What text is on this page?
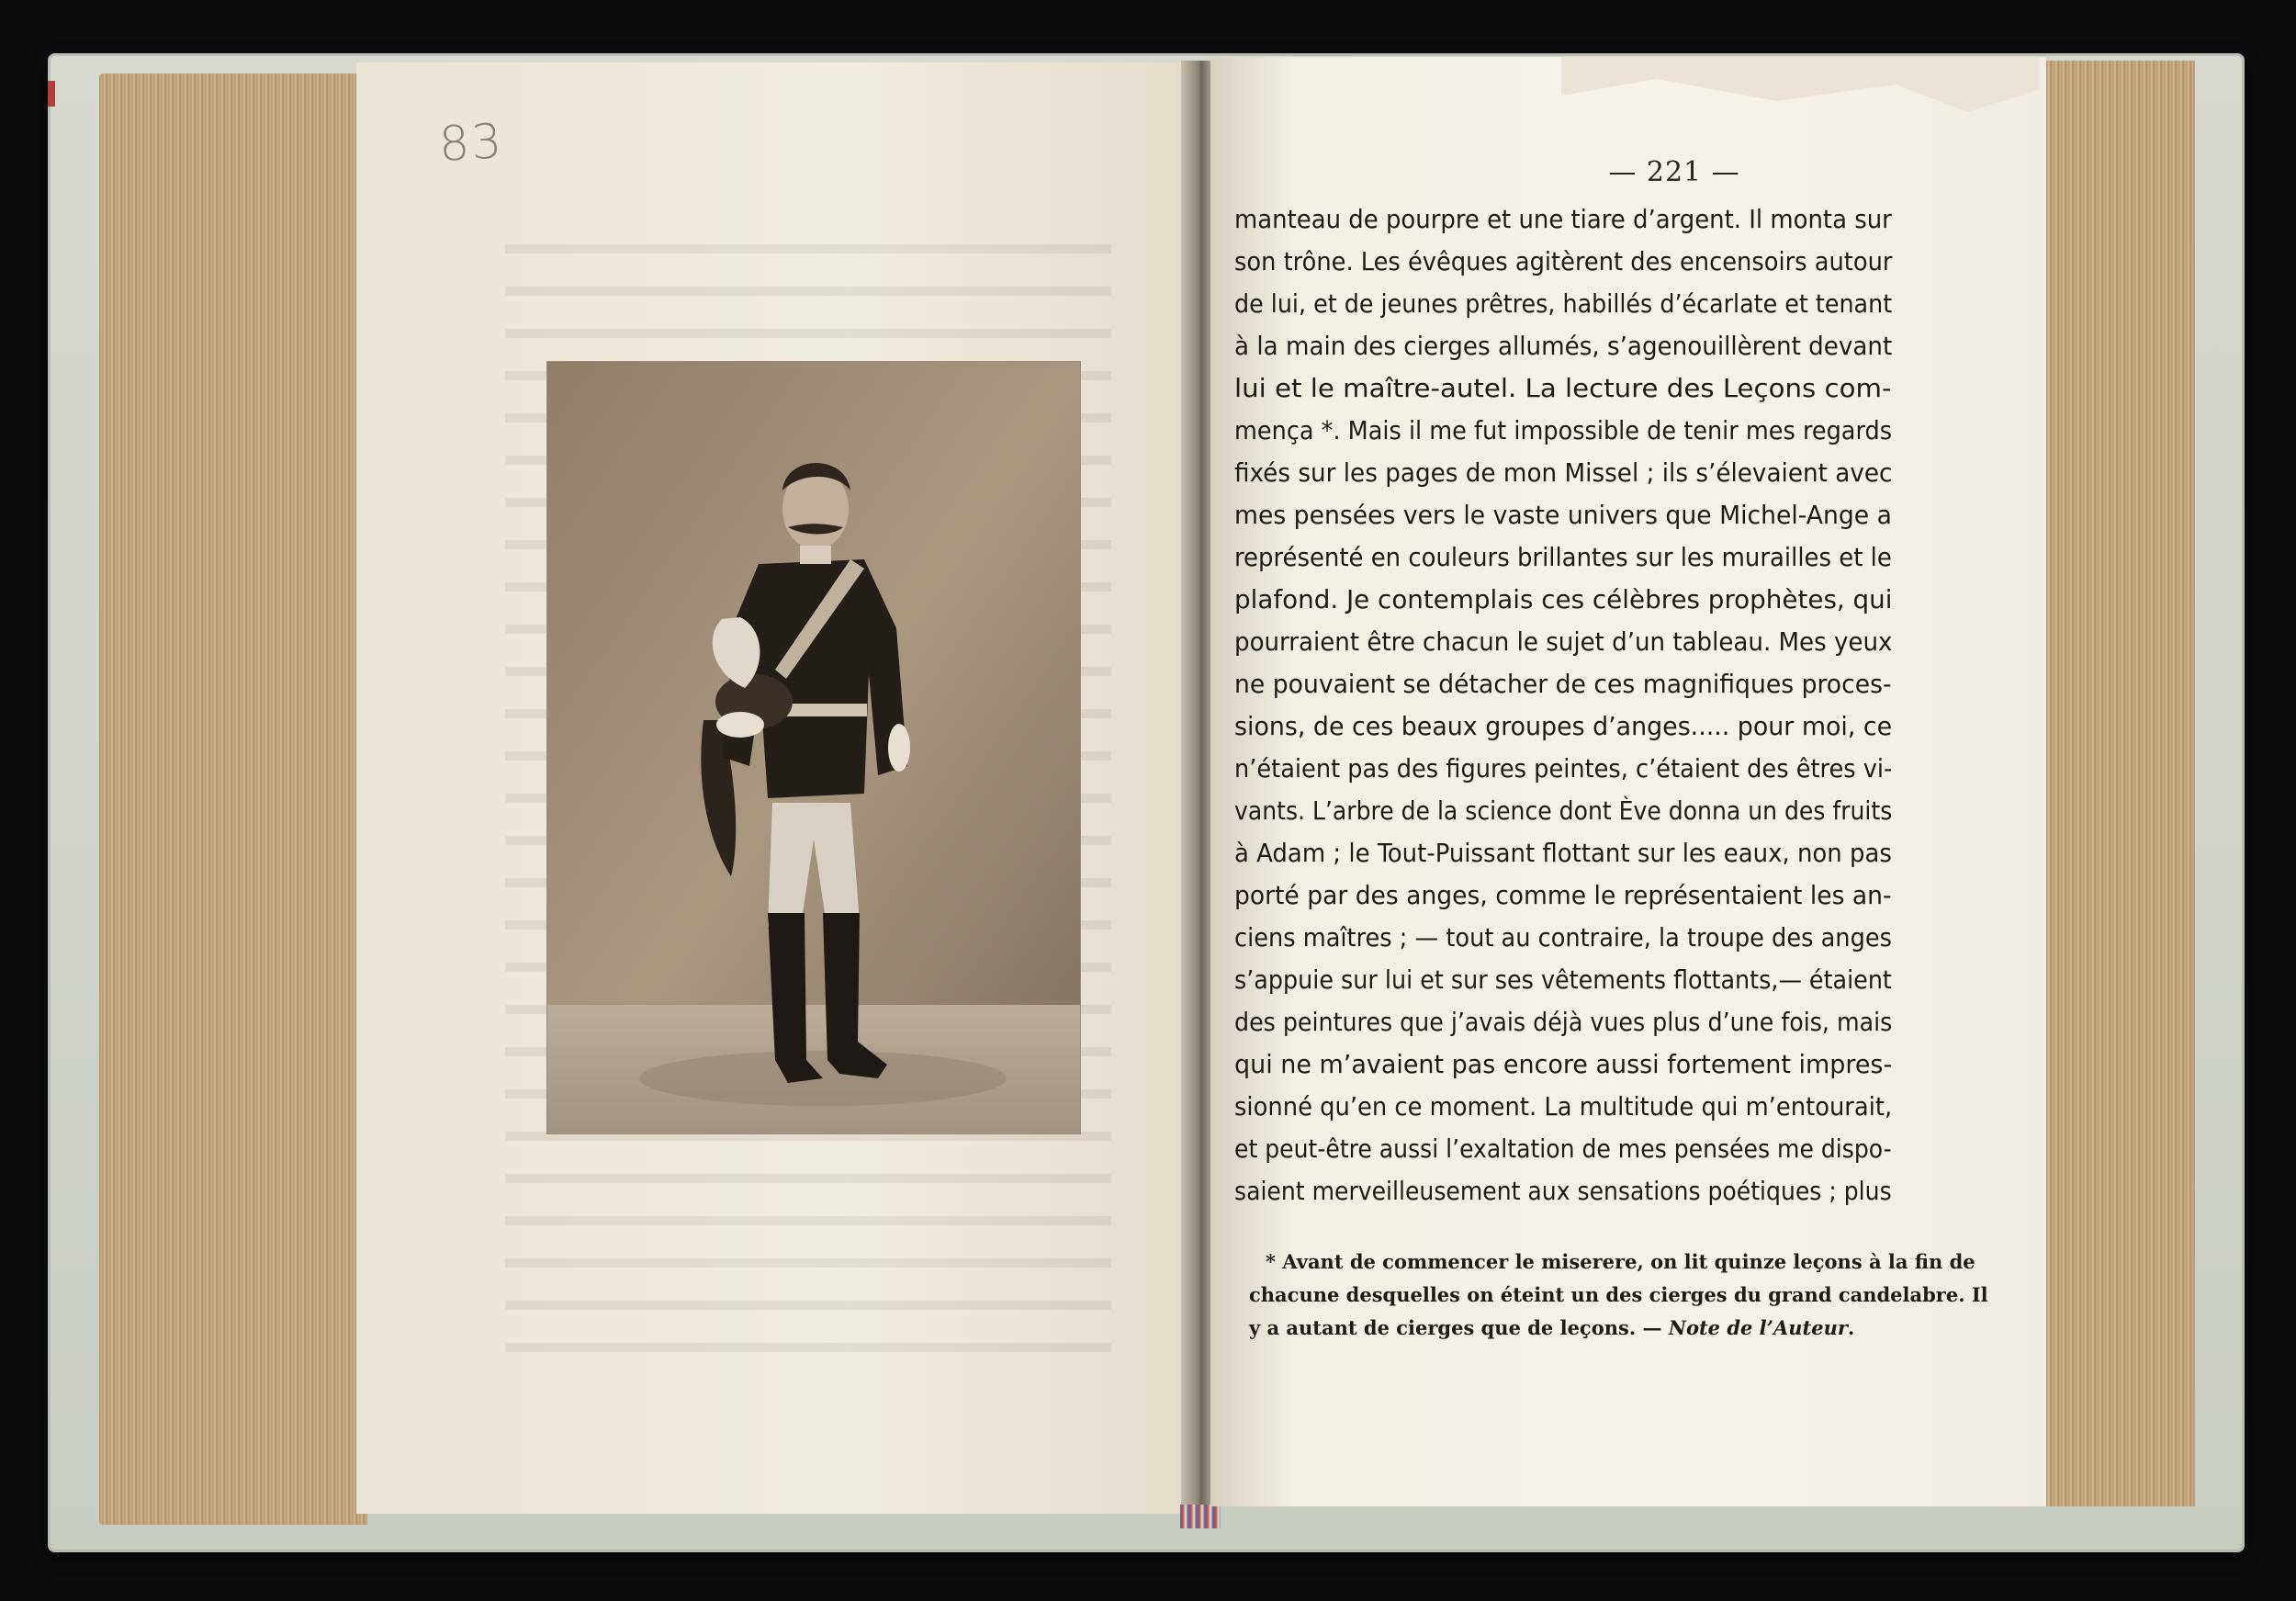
83	— 221 —
manteau de pourpre et une tiare d’argent. Il monta sur
son trône. Les évêques agitèrent des encensoirs autour
de lui, et de jeunes prêtres, habillés d’écarlate et tenant
à la main des cierges allumés, s’agenouillèrent devant
lui et le maître-autel. La lecture des Leçons com-
mença *. Mais il me fut impossible de tenir mes regards
fixés sur les pages de mon Missel ; ils s’élevaient avec
mes pensées vers le vaste univers que Michel-Ange a
représenté en couleurs brillantes sur les murailles et le
plafond. Je contemplais ces célèbres prophètes, qui
pourraient être chacun le sujet d’un tableau. Mes yeux
ne pouvaient se détacher de ces magnifiques proces-
sions, de ces beaux groupes d’anges..... pour moi, ce
n’étaient pas des figures peintes, c’étaient des êtres vi-
vants. L’arbre de la science dont Ève donna un des fruits
à Adam ; le Tout-Puissant flottant sur les eaux, non pas
porté par des anges, comme le représentaient les an-
ciens maîtres ; — tout au contraire, la troupe des anges
s’appuie sur lui et sur ses vêtements flottants,— étaient
des peintures que j’avais déjà vues plus d’une fois, mais
qui ne m’avaient pas encore aussi fortement impres-
sionné qu’en ce moment. La multitude qui m’entourait,
et peut-être aussi l’exaltation de mes pensées me dispo-
saient merveilleusement aux sensations poétiques ; plus
* Avant de commencer le miserere, on lit quinze leçons à la fin de
chacune desquelles on éteint un des cierges du grand candelabre. Il
y a autant de cierges que de leçons. — Note de l’Auteur.
